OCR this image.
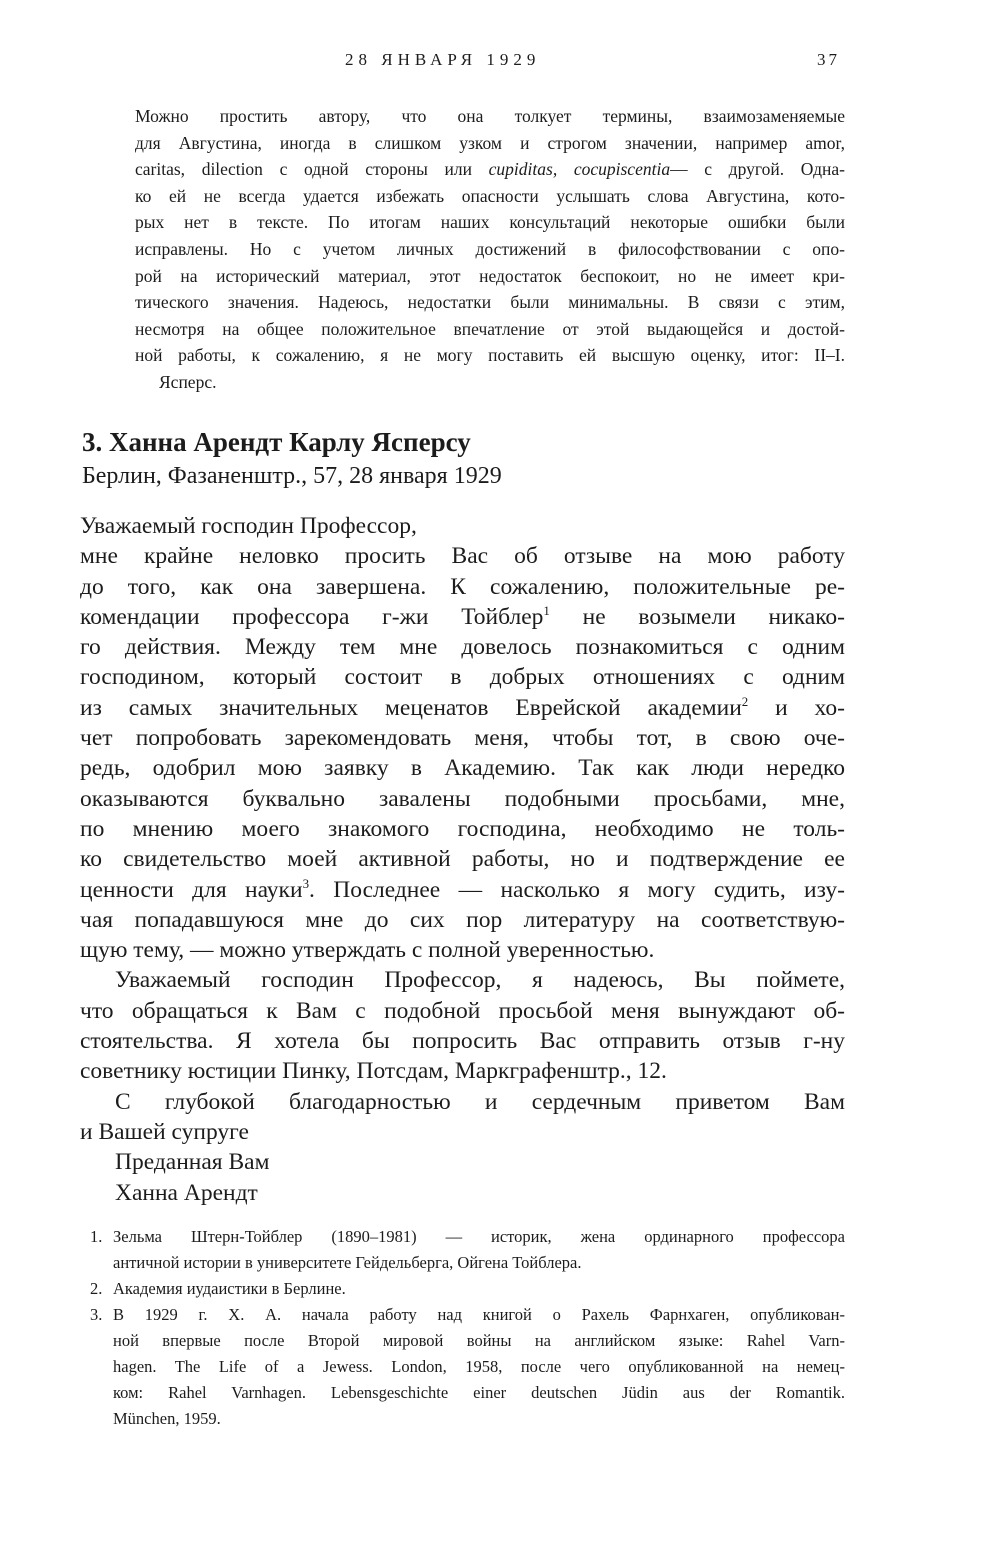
28 ЯНВАРЯ 1929	37
Можно простить автору, что она толкует термины, взаимозаменяемые
для Августина, иногда в слишком узком и строгом значении, например amor,
caritas, dilection с одной стороны или cupiditas, cocupiscentia— с другой. Одна-
ко ей не всегда удается избежать опасности услышать слова Августина, кото-
рых нет в тексте. По итогам наших консультаций некоторые ошибки были
исправлены. Но с учетом личных достижений в философствовании с опо-
рой на исторический материал, этот недостаток беспокоит, но не имеет кри-
тического значения. Надеюсь, недостатки были минимальны. В связи с этим,
несмотря на общее положительное впечатление от этой выдающейся и достой-
ной работы, к сожалению, я не могу поставить ей высшую оценку, итог: II–I.
Ясперс.
3. Ханна Арендт Карлу Ясперсу
Берлин, Фазаненштр., 57, 28 января 1929
Уважаемый господин Профессор,
мне крайне неловко просить Вас об отзыве на мою работу
до того, как она завершена. К сожалению, положительные ре-
комендации профессора г-жи Тойблер$^1$ не возымели никако-
го действия. Между тем мне довелось познакомиться с одним
господином, который состоит в добрых отношениях с одним
из самых значительных меценатов Еврейской академии$^2$ и хо-
чет попробовать зарекомендовать меня, чтобы тот, в свою оче-
редь, одобрил мою заявку в Академию. Так как люди нередко
оказываются буквально завалены подобными просьбами, мне,
по мнению моего знакомого господина, необходимо не толь-
ко свидетельство моей активной работы, но и подтверждение ее
ценности для науки$^3$. Последнее — насколько я могу судить, изу-
чая попадавшуюся мне до сих пор литературу на соответствую-
щую тему, — можно утверждать с полной уверенностью.
Уважаемый господин Профессор, я надеюсь, Вы поймете,
что обращаться к Вам с подобной просьбой меня вынуждают об-
стоятельства. Я хотела бы попросить Вас отправить отзыв г-ну
советнику юстиции Пинку, Потсдам, Маркграфенштр., 12.
С глубокой благодарностью и сердечным приветом Вам
и Вашей супруге
Преданная Вам
Ханна Арендт
1. Зельма Штерн-Тойблер (1890–1981) — историк, жена ординарного профессора
античной истории в университете Гейдельберга, Ойгена Тойблера.
2. Академия иудаистики в Берлине.
3. В 1929 г. Х. А. начала работу над книгой о Рахель Фарнхаген, опубликован-
ной впервые после Второй мировой войны на английском языке: Rahel Varn-
hagen. The Life of a Jewess. London, 1958, после чего опубликованной на немец-
ком: Rahel Varnhagen. Lebensgeschichte einer deutschen Jüdin aus der Romantik.
München, 1959.
